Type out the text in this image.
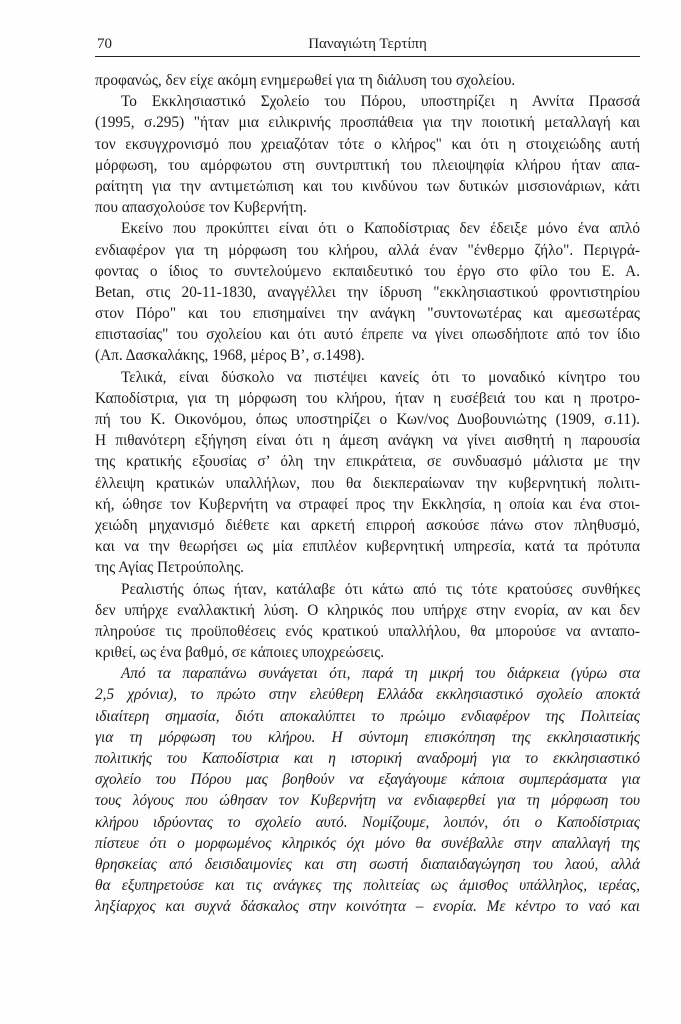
70	Παναγιώτη Τερτίπη
προφανώς, δεν είχε ακόμη ενημερωθεί για τη διάλυση του σχολείου.
Το Εκκλησιαστικό Σχολείο του Πόρου, υποστηρίζει η Αννίτα Πρασσά
(1995, σ.295) "ήταν μια ειλικρινής προσπάθεια για την ποιοτική μεταλλαγή και
τον εκσυγχρονισμό που χρειαζόταν τότε ο κλήρος" και ότι η στοιχειώδης αυτή
μόρφωση, του αμόρφωτου στη συντριπτική του πλειοψηφία κλήρου ήταν απα-
ραίτητη για την αντιμετώπιση και του κινδύνου των δυτικών μισσιονάριων, κάτι
που απασχολούσε τον Κυβερνήτη.
Εκείνο που προκύπτει είναι ότι ο Καποδίστριας δεν έδειξε μόνο ένα απλό
ενδιαφέρον για τη μόρφωση του κλήρου, αλλά έναν "ένθερμο ζήλο". Περιγρά-
φοντας ο ίδιος το συντελούμενο εκπαιδευτικό του έργο στο φίλο του Ε. Α.
Betan, στις 20-11-1830, αναγγέλλει την ίδρυση "εκκλησιαστικού φροντιστηρίου
στον Πόρο" και του επισημαίνει την ανάγκη "συντονωτέρας και αμεσωτέρας
επιστασίας" του σχολείου και ότι αυτό έπρεπε να γίνει οπωσδήποτε από τον ίδιο
(Απ. Δασκαλάκης, 1968, μέρος Β’, σ.1498).
Τελικά, είναι δύσκολο να πιστέψει κανείς ότι το μοναδικό κίνητρο του
Καποδίστρια, για τη μόρφωση του κλήρου, ήταν η ευσέβειά του και η προτρο-
πή του Κ. Οικονόμου, όπως υποστηρίζει ο Κων/νος Δυοβουνιώτης (1909, σ.11).
Η πιθανότερη εξήγηση είναι ότι η άμεση ανάγκη να γίνει αισθητή η παρουσία
της κρατικής εξουσίας σ’ όλη την επικράτεια, σε συνδυασμό μάλιστα με την
έλλειψη κρατικών υπαλλήλων, που θα διεκπεραίωναν την κυβερνητική πολιτι-
κή, ώθησε τον Κυβερνήτη να στραφεί προς την Εκκλησία, η οποία και ένα στοι-
χειώδη μηχανισμό διέθετε και αρκετή επιρροή ασκούσε πάνω στον πληθυσμό,
και να την θεωρήσει ως μία επιπλέον κυβερνητική υπηρεσία, κατά τα πρότυπα
της Αγίας Πετρούπολης.
Ρεαλιστής όπως ήταν, κατάλαβε ότι κάτω από τις τότε κρατούσες συνθήκες
δεν υπήρχε εναλλακτική λύση. Ο κληρικός που υπήρχε στην ενορία, αν και δεν
πληρούσε τις προϋποθέσεις ενός κρατικού υπαλλήλου, θα μπορούσε να ανταπο-
κριθεί, ως ένα βαθμό, σε κάποιες υποχρεώσεις.
Από τα παραπάνω συνάγεται ότι, παρά τη μικρή του διάρκεια (γύρω στα
2,5 χρόνια), το πρώτο στην ελεύθερη Ελλάδα εκκλησιαστικό σχολείο αποκτά
ιδιαίτερη σημασία, διότι αποκαλύπτει το πρώιμο ενδιαφέρον της Πολιτείας
για τη μόρφωση του κλήρου. Η σύντομη επισκόπηση της εκκλησιαστικής
πολιτικής του Καποδίστρια και η ιστορική αναδρομή για το εκκλησιαστικό
σχολείο του Πόρου μας βοηθούν να εξαγάγουμε κάποια συμπεράσματα για
τους λόγους που ώθησαν τον Κυβερνήτη να ενδιαφερθεί για τη μόρφωση του
κλήρου ιδρύοντας το σχολείο αυτό. Νομίζουμε, λοιπόν, ότι ο Καποδίστριας
πίστευε ότι ο μορφωμένος κληρικός όχι μόνο θα συνέβαλλε στην απαλλαγή της
θρησκείας από δεισιδαιμονίες και στη σωστή διαπαιδαγώγηση του λαού, αλλά
θα εξυπηρετούσε και τις ανάγκες της πολιτείας ως άμισθος υπάλληλος, ιερέας,
ληξίαρχος και συχνά δάσκαλος στην κοινότητα – ενορία. Με κέντρο το ναό και
